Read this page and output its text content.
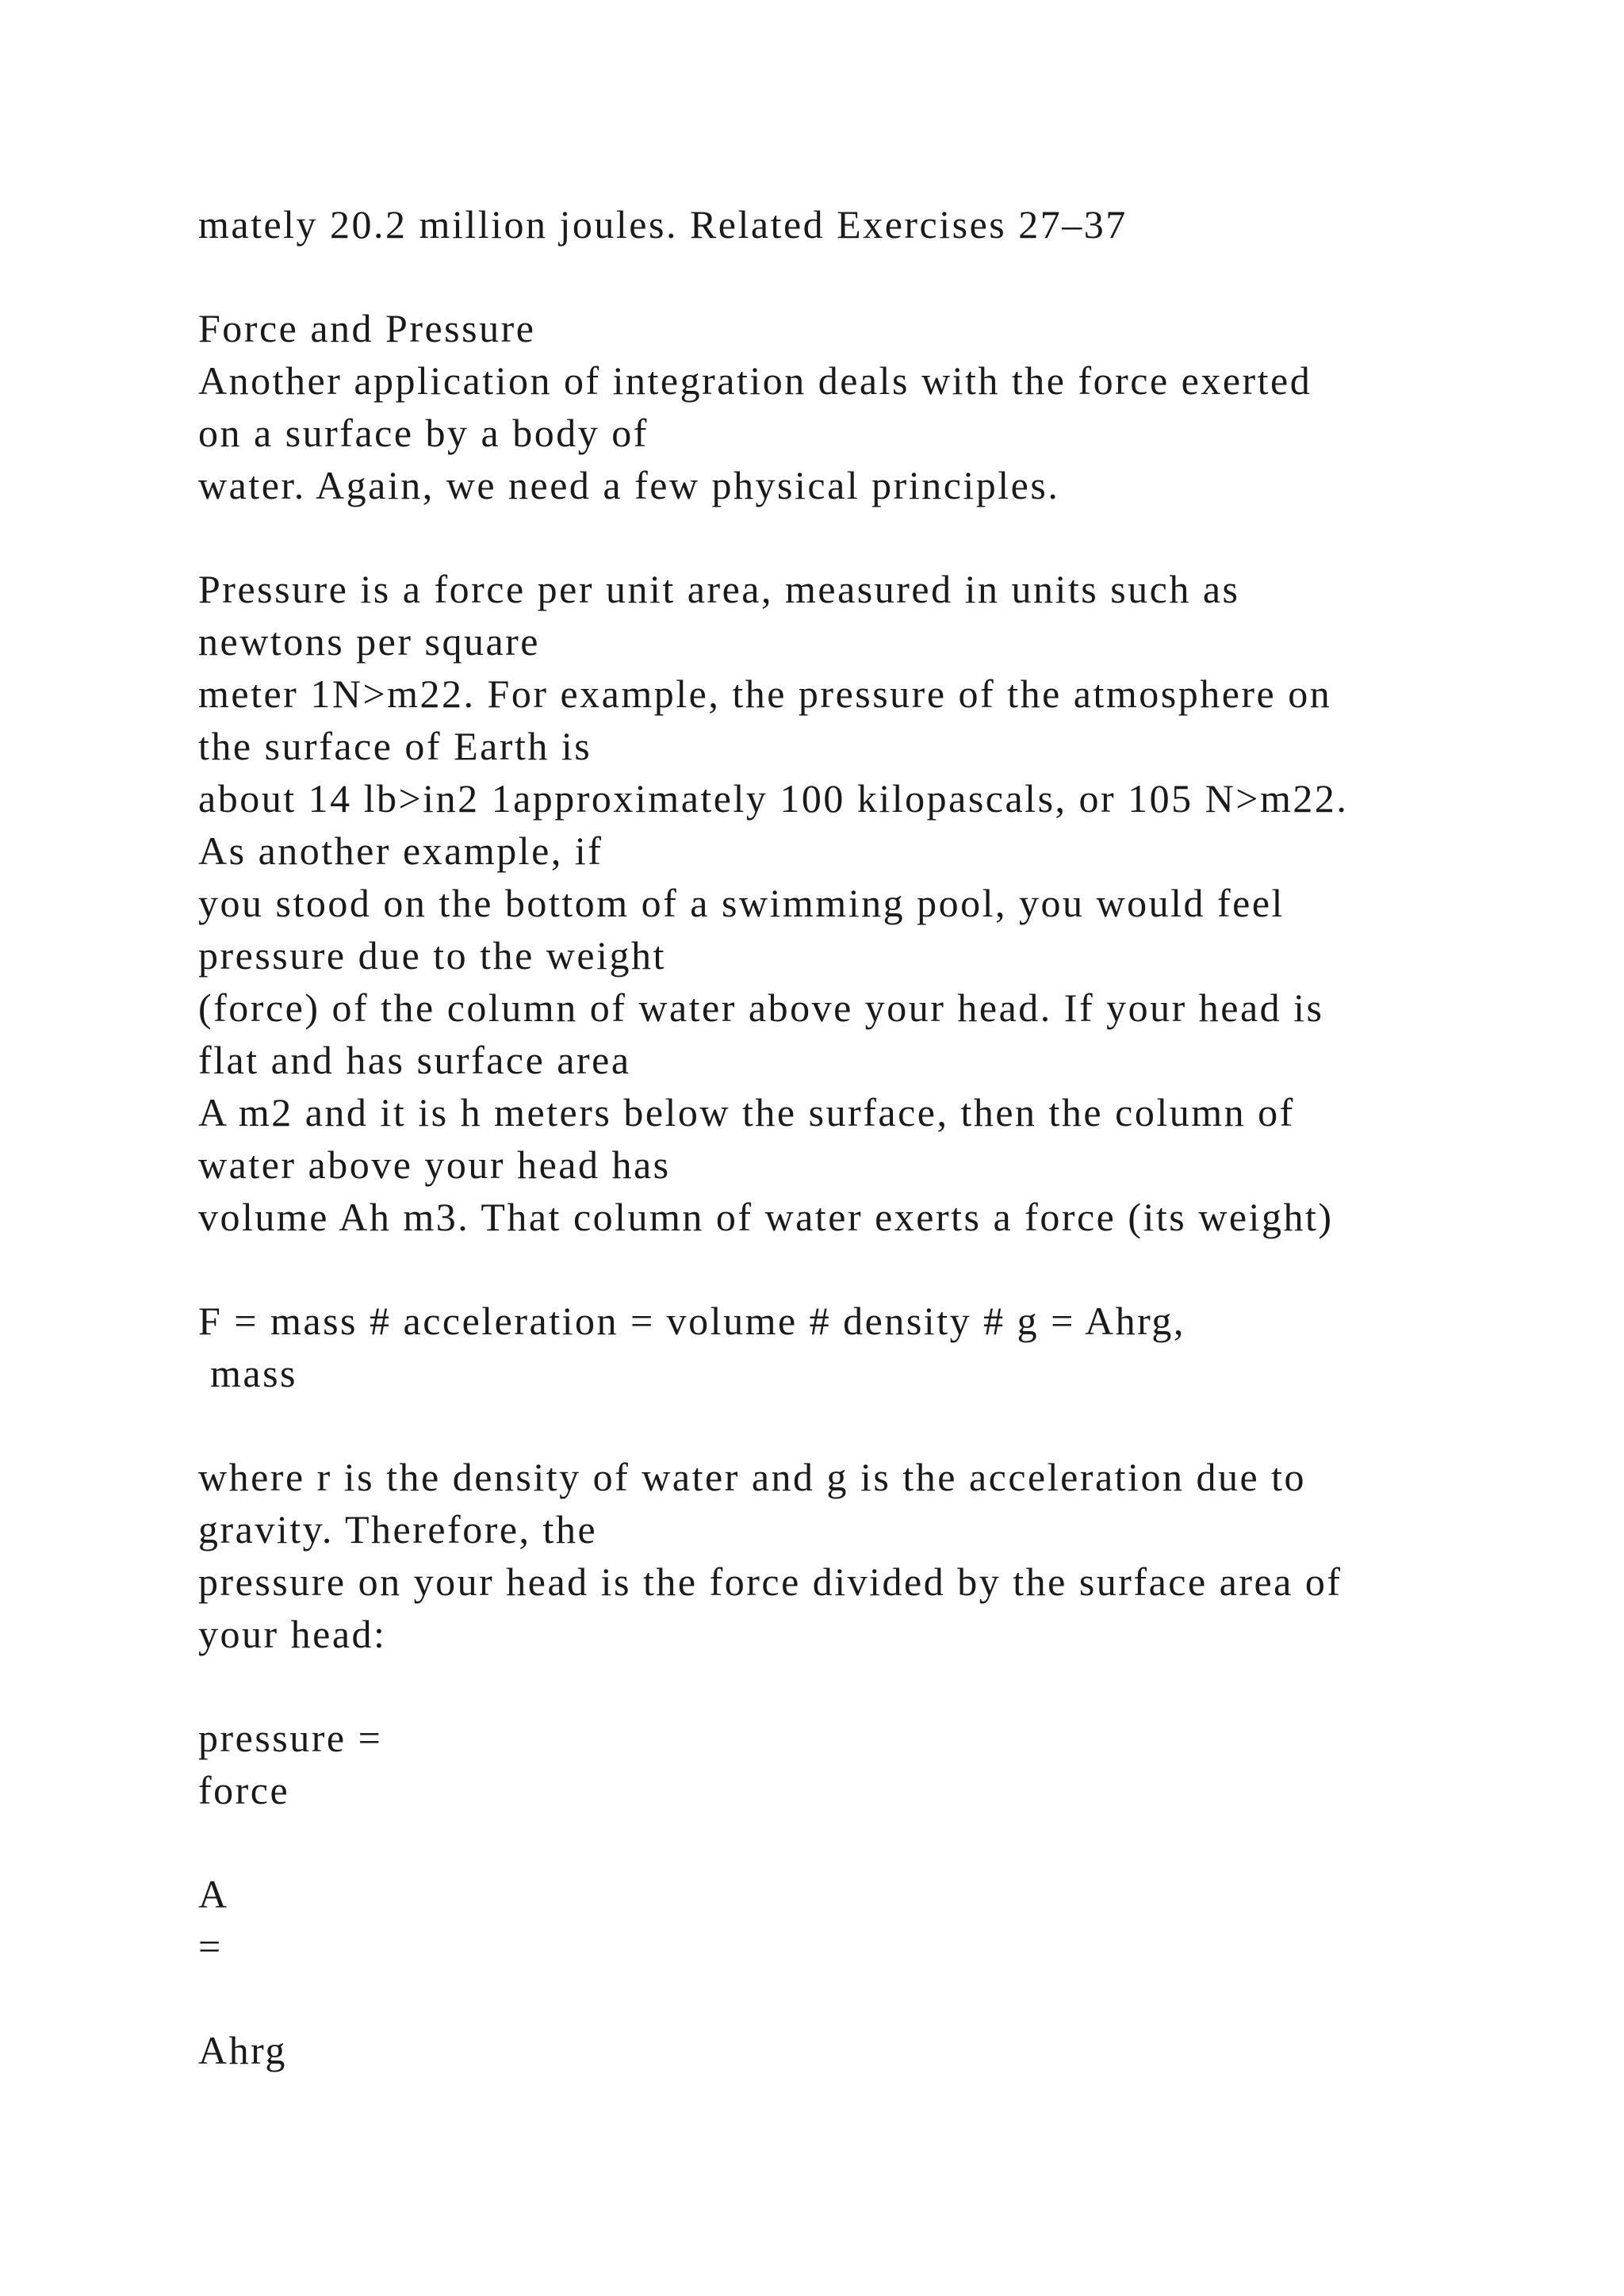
mately 20.2 million joules. Related Exercises 27–37
Force and Pressure
Another application of integration deals with the force exerted
on a surface by a body of
water. Again, we need a few physical principles.
Pressure is a force per unit area, measured in units such as
newtons per square
meter 1N>m22. For example, the pressure of the atmosphere on
the surface of Earth is
about 14 lb>in2 1approximately 100 kilopascals, or 105 N>m22.
As another example, if
you stood on the bottom of a swimming pool, you would feel
pressure due to the weight
(force) of the column of water above your head. If your head is
flat and has surface area
A m2 and it is h meters below the surface, then the column of
water above your head has
volume Ah m3. That column of water exerts a force (its weight)
F = mass # acceleration = volume # density # g = Ahrg,
mass
where r is the density of water and g is the acceleration due to
gravity. Therefore, the
pressure on your head is the force divided by the surface area of
your head:
pressure =
force
A
=
Ahrg
